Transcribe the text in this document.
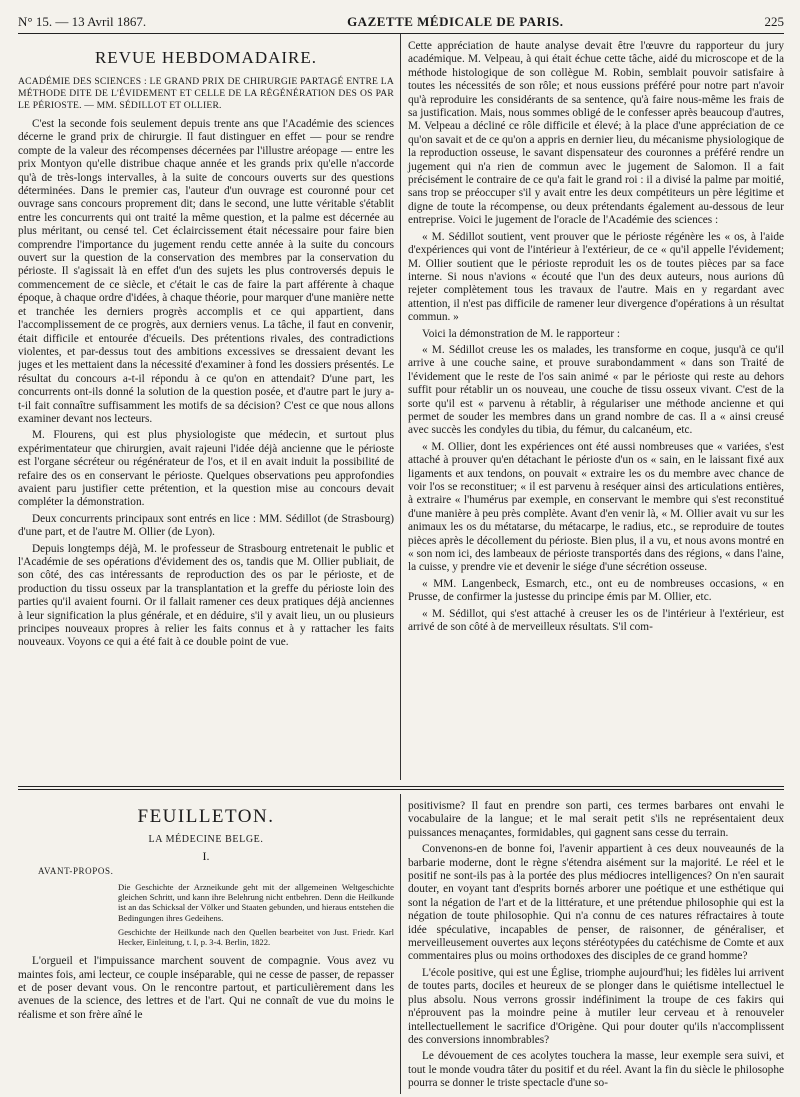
N° 15. — 13 Avril 1867.	GAZETTE MÉDICALE DE PARIS.	225
REVUE HEBDOMADAIRE.
ACADÉMIE DES SCIENCES : LE GRAND PRIX DE CHIRURGIE PARTAGÉ ENTRE LA MÉTHODE DITE DE L'ÉVIDEMENT ET CELLE DE LA RÉGÉNÉRATION DES OS PAR LE PÉRIOSTE. — MM. SÉDILLOT ET OLLIER.

C'est la seconde fois seulement depuis trente ans que l'Académie des sciences décerne le grand prix de chirurgie. Il faut distinguer en effet — pour se rendre compte de la valeur des récompenses décernées par l'illustre aréopage — entre les prix Montyon qu'elle distribue chaque année et les grands prix qu'elle n'accorde qu'à de très-longs intervalles, à la suite de concours ouverts sur des questions déterminées. Dans le premier cas, l'auteur d'un ouvrage est couronné pour cet ouvrage sans concours proprement dit; dans le second, une lutte véritable s'établit entre les concurrents qui ont traité la même question, et la palme est décernée au plus méritant, ou censé tel. Cet éclaircissement était nécessaire pour faire bien comprendre l'importance du jugement rendu cette année à la suite du concours ouvert sur la question de la conservation des membres par la conservation du périoste. Il s'agissait là en effet d'un des sujets les plus controversés depuis le commencement de ce siècle, et c'était le cas de faire la part afférente à chaque époque, à chaque ordre d'idées, à chaque théorie, pour marquer d'une manière nette et tranchée les derniers progrès accomplis et ce qui appartient, dans l'accomplissement de ce progrès, aux derniers venus. La tâche, il faut en convenir, était difficile et entourée d'écueils. Des prétentions rivales, des contradictions violentes, et par-dessus tout des ambitions excessives se dressaient devant les juges et les mettaient dans la nécessité d'examiner à fond les dossiers présentés. Le résultat du concours a-t-il répondu à ce qu'on en attendait? D'une part, les concurrents ont-ils donné la solution de la question posée, et d'autre part le jury a-t-il fait connaître suffisamment les motifs de sa décision? C'est ce que nous allons examiner devant nos lecteurs.

M. Flourens, qui est plus physiologiste que médecin, et surtout plus expérimentateur que chirurgien, avait rajeuni l'idée déjà ancienne que le périoste est l'organe sécréteur ou régénérateur de l'os, et il en avait induit la possibilité de refaire des os en conservant le périoste. Quelques observations peu approfondies avaient paru justifier cette prétention, et la question mise au concours devait compléter la démonstration.

Deux concurrents principaux sont entrés en lice : MM. Sédillot (de Strasbourg) d'une part, et de l'autre M. Ollier (de Lyon).

Depuis longtemps déjà, M. le professeur de Strasbourg entretenait le public et l'Académie de ses opérations d'évidement des os, tandis que M. Ollier publiait, de son côté, des cas intéressants de reproduction des os par le périoste, et de production du tissu osseux par la transplantation et la greffe du périoste loin des parties qu'il avaient fourni. Or il fallait ramener ces deux pratiques déjà anciennes à leur signification la plus générale, et en déduire, s'il y avait lieu, un ou plusieurs principes nouveaux propres à relier les faits connus et à y rattacher les faits nouveaux. Voyons ce qui a été fait à ce double point de vue.

Cette appréciation de haute analyse devait être l'œuvre du rapporteur du jury académique. M. Velpeau, à qui était échue cette tâche, aidé du microscope et de la méthode histologique de son collègue M. Robin, semblait pouvoir satisfaire à toutes les nécessités de son rôle; et nous eussions préféré pour notre part n'avoir qu'à reproduire les considérants de sa sentence, qu'à faire nous-même les frais de sa justification. Mais, nous sommes obligé de le confesser après beaucoup d'autres, M. Velpeau a décliné ce rôle difficile et élevé; à la place d'une appréciation de ce qu'on savait et de ce qu'on a appris en dernier lieu, du mécanisme physiologique de la reproduction osseuse, le savant dispensateur des couronnes a préféré rendre un jugement qui n'a rien de commun avec le jugement de Salomon. Il a fait précisément le contraire de ce qu'a fait le grand roi : il a divisé la palme par moitié, sans trop se préoccuper s'il y avait entre les deux compétiteurs un père légitime et digne de toute la récompense, ou deux prétendants également au-dessous de leur entreprise. Voici le jugement de l'oracle de l'Académie des sciences :

« M. Sédillot soutient, vent prouver que le périoste régénère les « os, à l'aide d'expériences qui vont de l'intérieur à l'extérieur, de ce « qu'il appelle l'évidement; M. Ollier soutient que le périoste reproduit les os de toutes pièces par sa face interne. Si nous n'avions « écouté que l'un des deux auteurs, nous aurions dû rejeter complètement tous les travaux de l'autre. Mais en y regardant avec attention, il n'est pas difficile de ramener leur divergence d'opérations à un résultat commun. »

Voici la démonstration de M. le rapporteur :

« M. Sédillot creuse les os malades, les transforme en coque, jusqu'à ce qu'il arrive à une couche saine, et prouve surabondamment « dans son Traité de l'évidement que le reste de l'os sain animé « par le périoste qui reste au dehors suffit pour rétablir un os nouveau, une couche de tissu osseux vivant. C'est de la sorte qu'il est « parvenu à rétablir, à régulariser une méthode ancienne et qui permet de souder les membres dans un grand nombre de cas. Il a « ainsi creusé avec succès les condyles du tibia, du fémur, du calcanéum, etc.

« M. Ollier, dont les expériences ont été aussi nombreuses que « variées, s'est attaché à prouver qu'en détachant le périoste d'un os « sain, en le laissant fixé aux ligaments et aux tendons, on pouvait « extraire les os du membre avec chance de voir l'os se reconstituer; « il est parvenu à reséquer ainsi des articulations entières, à extraire « l'humérus par exemple, en conservant le membre qui s'est reconstitué d'une manière à peu près complète. Avant d'en venir là, « M. Ollier avait vu sur les animaux les os du métatarse, du métacarpe, le radius, etc., se reproduire de toutes pièces après le décollement du périoste. Bien plus, il a vu, et nous avons montré en « son nom ici, des lambeaux de périoste transportés dans des régions, « dans l'aine, la cuisse, y prendre vie et devenir le siége d'une sécrétion osseuse.

« MM. Langenbeck, Esmarch, etc., ont eu de nombreuses occasions, « en Prusse, de confirmer la justesse du principe émis par M. Ollier, etc.

« M. Sédillot, qui s'est attaché à creuser les os de l'intérieur à l'extérieur, est arrivé de son côté à de merveilleux résultats. S'il com-

FEUILLETON.
LA MÉDECINE BELGE.
I.
AVANT-PROPOS.
Die Geschichte der Arzneikunde geht mit der allgemeinen Weltgeschichte gleichen Schritt, und kann ihre Belehrung nicht entbehren. Denn die Heilkunde ist an das Schicksal der Völker und Staaten gebunden, und hieraus entstehen die Bedingungen ihres Gedeihens.
Geschichte der Heilkunde nach den Quellen bearbeitet von Just. Friedr. Karl Hecker, Einleitung, t. I, p. 3-4. Berlin, 1822.

L'orgueil et l'impuissance marchent souvent de compagnie. Vous avez vu maintes fois, ami lecteur, ce couple inséparable, qui ne cesse de passer, de repasser et de poser devant vous. On le rencontre partout, et particulièrement dans les avenues de la science, des lettres et de l'art. Qui ne connaît de vue du moins le réalisme et son frère aîné le

positivisme? Il faut en prendre son parti, ces termes barbares ont envahi le vocabulaire de la langue; et le mal serait petit s'ils ne représentaient deux puissances menaçantes, formidables, qui gagnent sans cesse du terrain.

Convenons-en de bonne foi, l'avenir appartient à ces deux nouveaunés de la barbarie moderne, dont le règne s'étendra aisément sur la majorité. Le réel et le positif ne sont-ils pas à la portée des plus médiocres intelligences? On n'en saurait douter, en voyant tant d'esprits bornés arborer une poétique et une esthétique qui sont la négation de l'art et de la littérature, et une prétendue philosophie qui est la négation de toute philosophie. Qui n'a connu de ces natures réfractaires à toute idée spéculative, incapables de penser, de raisonner, de généraliser, et merveilleusement ouvertes aux leçons stéréotypées du catéchisme de Comte et aux commentaires plus ou moins orthodoxes des disciples de ce grand homme?

L'école positive, qui est une Église, triomphe aujourd'hui; les fidèles lui arrivent de toutes parts, dociles et heureux de se plonger dans le quiétisme intellectuel le plus absolu. Nous verrons grossir indéfiniment la troupe de ces fakirs qui n'éprouvent pas la moindre peine à mutiler leur cerveau et à renouveler intellectuellement le sacrifice d'Origène. Qui pour douter qu'ils n'accomplissent des conversions innombrables?

Le dévouement de ces acolytes touchera la masse, leur exemple sera suivi, et tout le monde voudra tâter du positif et du réel. Avant la fin du siècle le philosophe pourra se donner le triste spectacle d'une so-
